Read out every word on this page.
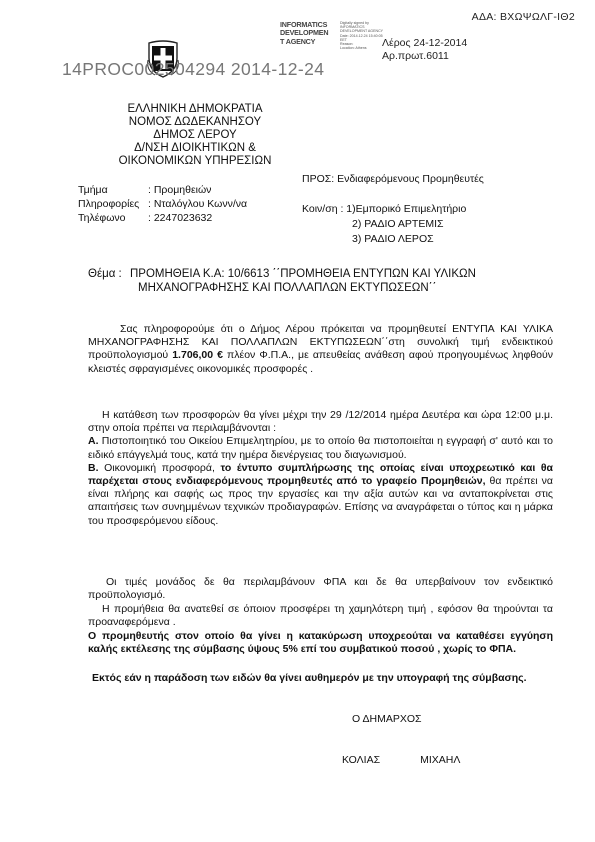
ΑΔΑ: ΒΧΩΨΩΛΓ-ΙΘ2
INFORMATICS
DEVELOPMEN
T AGENCY
Digitally signed by
INFORMATICS
DEVELOPMENT AGENCY
Date: 2014.12.24 15:40:05
EET
Reason:
Location: Athens	Λέρος 24-12-2014
Αρ.πρωτ.6011
14PROC002504294 2014-12-24
ΕΛΛΗΝΙΚΗ ΔΗΜΟΚΡΑΤΙΑ
ΝΟΜΟΣ ΔΩΔΕΚΑΝΗΣΟΥ
ΔΗΜΟΣ ΛΕΡΟΥ
Δ/ΝΣΗ ΔΙΟΙΚΗΤΙΚΩΝ &
ΟΙΚΟΝΟΜΙΚΩΝ ΥΠΗΡΕΣΙΩΝ
Τμήμα	: Προμηθειών
Πληροφορίες : Νταλόγλου Κωνν/να
Τηλέφωνο	: 2247023632
ΠΡΟΣ: Ενδιαφερόμενους Προμηθευτές
Κοιν/ση : 1)Εμπορικό Επιμελητήριο
2) ΡΑΔΙΟ ΑΡΤΕΜΙΣ
3) ΡΑΔΙΟ ΛΕΡΟΣ
Θέμα : ΠΡΟΜΗΘΕΙΑ Κ.Α: 10/6613 ΄΄ΠΡΟΜΗΘΕΙΑ ΕΝΤΥΠΩΝ ΚΑΙ ΥΛΙΚΩΝ
ΜΗΧΑΝΟΓΡΑΦΗΣΗΣ ΚΑΙ ΠΟΛΛΑΠΛΩΝ ΕΚΤΥΠΩΣΕΩΝ΄΄

Σας πληροφορούμε ότι ο Δήμος Λέρου πρόκειται να προμηθευτεί ΕΝΤΥΠΑ ΚΑΙ ΥΛΙΚΑ ΜΗΧΑΝΟΓΡΑΦΗΣΗΣ ΚΑΙ ΠΟΛΛΑΠΛΩΝ ΕΚΤΥΠΩΣΕΩΝ΄΄στη συνολική τιμή ενδεικτικού προϋπολογισμού 1.706,00 € πλέον Φ.Π.Α., με απευθείας ανάθεση αφού προηγουμένως ληφθούν κλειστές σφραγισμένες οικονομικές προσφορές .

Η κατάθεση των προσφορών θα γίνει μέχρι την 29 /12/2014 ημέρα Δευτέρα και ώρα 12:00 μ.μ. στην οποία πρέπει να περιλαμβάνονται :

Α. Πιστοποιητικό του Οικείου Επιμελητηρίου, με το οποίο θα πιστοποιείται η εγγραφή σ' αυτό και το ειδικό επάγγελμά τους, κατά την ημέρα διενέργειας του διαγωνισμού.

Β. Οικονομική προσφορά, το έντυπο συμπλήρωσης της οποίας είναι υποχρεωτικό και θα παρέχεται στους ενδιαφερόμενους προμηθευτές από το γραφείο Προμηθειών, θα πρέπει να είναι πλήρης και σαφής ως προς την εργασίες και την αξία αυτών και να ανταποκρίνεται στις απαιτήσεις των συνημμένων τεχνικών προδιαγραφών. Επίσης να αναγράφεται ο τύπος και η μάρκα του προσφερόμενου είδους.

Οι τιμές μονάδος δε θα περιλαμβάνουν ΦΠΑ και δε θα υπερβαίνουν τον ενδεικτικό προϋπολογισμό.

Η προμήθεια θα ανατεθεί σε όποιον προσφέρει τη χαμηλότερη τιμή , εφόσον θα τηρούνται τα προαναφερόμενα .

Ο προμηθευτής στον οποίο θα γίνει η κατακύρωση υποχρεούται να καταθέσει εγγύηση καλής εκτέλεσης της σύμβασης ύψους 5% επί του συμβατικού ποσού , χωρίς το ΦΠΑ.

Εκτός εάν η παράδοση των ειδών θα γίνει αυθημερόν με την υπογραφή της σύμβασης.

Ο ΔΗΜΑΡΧΟΣ
ΚΟΛΙΑΣ	ΜΙΧΑΗΛ
